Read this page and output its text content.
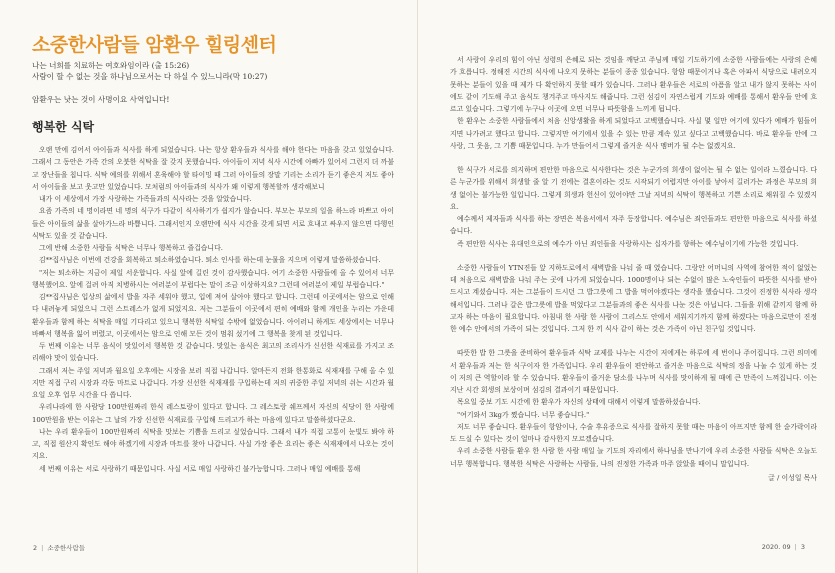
소중한사람들 암환우 힐링센터
나는 너희를 치료하는 여호와임이라 (출 15:26)
사람이 할 수 없는 것을 하나님으로서는 다 하실 수 있느니라(막 10:27)
암환우는 낫는 것이 사명이요 사역입니다!
행복한 식탁

오랜 만에 김어서 아이들과 식사를 하게 되었습니다. 나는 항상 환우들과 식사를 해야 한다는 마음을 갖고 있었습니다. 그래서 그 동안은 가족 간의 오붓한 식탁을 잘 갖지 못했습니다. 아이들이 저녁 식사 시간에 아빠가 있어서 그런지 더 까불고 장난들을 칩니다. 식탁 예의를 위해서 혼육해야 할 타이밍 때 그러 아이들의 장말 기리는 소리가 듣기 좋은지 저도 좋아서 아이들을 보고 웃고만 있었습니다. 모처럼의 아이들과의 식사가 왜 이렇게 행복할까 생각해보니

내가 이 세상에서 가장 사랑하는 가족들과의 식사라는 것을 알았습니다.

요즘 가족의 네 명이라면 네 명의 식구가 다같이 식사하기가 쉽지가 않습니다. 부모는 부모의 일을 하느라 바쁘고 아이들은 아이들의 삶을 살아가느라 바쁩니다. 그래서인지 오랜만에 식사 시간을 갖게 되면 서로 흐내고 싸우지 않으면 다행인 식탁도 있을 것 같습니다.

그에 반해 소중한 사람들 식탁은 너무나 행복하고 즐겁습니다.

김**집사님은 이번에 건강을 회복하고 퇴소하였습니다. 퇴소 인사를 하는데 눈물을 지으며 이렇게 말씀하셨습니다.

"저는 퇴소하는 지금이 제일 서운합니다. 사실 앞에 길린 것이 감사했습니다. 여기 소중한 사람들에 올 수 있어서 너무 행복했어요. 앞에 걸려 아직 치병하시는 여러분이 부럽다는 말이 조금 이상하지요? 그런데 여러분이 제일 부럽습니다."

김**집사님은 입상의 삶에서 밥을 자주 세워야 했고, 입에 져여 살아야 했다고 합니다. 그런데 이곳에서는 암으로 인해 다 내려놓게 되었으니 그런 스트레스가 없게 되었지요. 저는 그분들이 이곳에서 편히 예배와 함께 개인을 누리는 가운데 환우들과 함께 하는 식탁을 매일 기다리고 있으니 행복한 식탁일 수밖에 없었습니다. 아이러니 하게도 세상에서는 너무나 바빠서 행복을 잃어 버렸고, 이곳에서는 암으로 인해 모든 것이 멈춰 섰기에 그 행복을 찾게 된 것입니다.

두 번째 이유는 너무 음식이 맛있어서 행복한 것 같습니다. 맛있는 음식은 최고의 조리사가 신선한 식재료를 가지고 조리해야 맛이 있습니다.

그래서 저는 주일 저녁과 월요일 오후에는 시장을 보러 직접 나갑니다. 알마든지 전화 한통화로 식재재를 구해 올 수 있지만 직접 구리 시장과 각동 마트로 나갑니다. 가장 신선한 식재재를 구입하는데 저의 귀중한 주일 저녁의 쉬는 시간과 월요일 오후 업무 시간을 다 씁니다.

우리나라에 한 사람당 100만원짜리 한식 레스토랑이 있다고 합니다. 그 레스토랑 쉐프께서 자신의 식당이 한 사람에 100만원을 받는 이유는 그 날의 가장 신선한 식재료를 구입해 드리고가 하는 마음에 있다고 말씀하셨다군요.

나는 우리 환우들이 100만원짜리 식탁을 맛보는 기쁨을 드리고 싶었습니다. 그래서 내가 직접 고통이 눈빛도 봐야 하고, 직접 원산지 확인도 해야 하겠기에 시장과 마트를 찾아 나갑니다. 사실 가장 좋은 요리는 좋은 식재재에서 나오는 것이지요.

세 번째 이유는 서로 사랑하기 때문입니다. 사실 서로 매일 사랑하긴 불가능합니다. 그러나 매일 예배를 통해

2 | 소중한사람들

서 사랑이 우리의 힘이 아닌 성령의 은혜로 되는 것임을 깨닫고 주님께 매일 기도하기에 소중한 사람들에는 사랑의 은혜가 흐릅니다. 정해진 시간의 식사에 나오지 못하는 분들이 종종 있습니다. 항암 때문이거나 혹은 아파서 식당으로 내려오지 못하는 분들이 있을 때 제가 다 확인하지 못할 때가 있습니다. 그러나 환우들은 서로의 아픔을 알고 내가 않지 못하는 사이에도 같이 기도해 주고 음식도 챙겨주고 마사지도 해줍니다. 그런 섬김이 자연스럽게 기도와 예배를 통해서 환우들 안에 흐르고 있습니다. 그렇기에 누구나 이곳에 오면 너무나 따뜻함을 느끼게 됩니다.

한 환우는 소중한 사람들에서 처음 신앙생활을 하게 되었다고 고백했습니다. 사실 몇 일만 여기에 있다가 예배가 힘들어지면 나가려고 했다고 합니다. 그렇지만 여기에서 있을 수 있는 만큼 계속 있고 싶다고 고백했습니다. 바로 환우들 안에 그 사랑, 그 웃음, 그 기쁨 때문입니다. 누가 만들어서 그렇게 즐거운 식사 멤버가 될 수는 없겠지요.

한 식구가 서로를 의지하며 편안한 마음으로 식사한다는 것은 누군가의 희생이 없이는 될 수 없는 일이라 느꼈습니다. 다른 누군가를 위해서 희생할 줄 알 기 전에는 결혼이라는 것도 시작되기 어렵지만 아이를 낳아서 길러가는 과정은 부모의 희생 없이는 불가능한 일입니다. 그렇게 희생과 헌신이 있어야만 그날 저녁의 식탁이 행복하고 기쁜 소리로 채워질 수 있겠지요.

예수께서 제자들과 식사를 하는 장면은 복음서에서 자주 등장합니다. 예수님은 죄인들과도 편안한 마음으로 식사를 하셨습니다.

즉 편안한 식사는 유대인으로의 예수가 아닌 죄인들을 사랑하시는 십자가를 향하는 예수님이기에 가능한 것입니다.

소중한 사람들이 YTN진들 앞 지하도로에서 새벽밥을 나눠 줄 때 였습니다. 그랑안 어머니의 사역에 참여한 적이 없었는데 처음으로 새벽밥을 나눠 주는 곳에 나가게 되었습니다. 1000명이나 되는 수없이 많은 노숙인들이 따뜻한 식사를 받아 드시고 계셨습니다. 저는 그분들이 드시던 그 밥그릇에 그 밥을 먹어야겠다는 생각을 했습니다. 그것이 진정한 식사라 생각해서입니다. 그러나 갈은 밥그릇에 밥을 먹었다고 그분들과의 좋은 식사를 나눈 것은 아닙니다. 그들을 위해 같끼지 함께 하고자 하는 마음이 필요합니다. 아침내 한 사람 한 사람이 그리스도 안에서 세워지기까지 함께 하겠다는 마음으로만이 진정한 예수 안에서의 가족이 되는 것입니다. 그저 한 끼 식사 같이 하는 것은 가족이 아닌 친구일 것입니다.

따뜻한 밥 한 그릇을 준비하여 환우들과 식탁 교제를 나누는 시간이 저에게는 하루에 세 번이나 주어집니다. 그런 의미에서 환우들과 저는 한 식구이자 한 가족입니다. 우리 환우들이 편안하고 즐거운 마음으로 식탁의 정을 나눌 수 있게 하는 것이 저의 큰 역할이라 할 수 있습니다. 환우들이 즐거운 담소를 나누며 식사를 맛이하게 될 때에 큰 만족이 느껴집니다. 이는 지난 시간 회생의 보상이며 섬김의 결과이기 때문입니다.

목요일 중보 기도 시간에 한 환우가 자신의 상태에 대해서 이렇게 말씀하셨습니다.

"여기와서 3kg가 쪘습니다. 너무 좋습니다."

저도 너무 좋습니다. 환우들이 항암이나, 수술 후유증으로 식사를 잘하지 못할 때는 마음이 아프지만 함께 한 숟가락이라도 드실 수 있다는 것이 얼마나 감사한지 모르겠습니다.

우리 소중한 사람들 환우 한 사람 한 사람 매일 늘 기도의 자리에서 하나님을 만나기에 우리 소중한 사람들 식탁은 오늘도 너무 행복합니다. 행복한 식탁은 사랑하는 사람들, 나의 진정한 가족과 마주 앉았을 때이니 말입니다.

글 / 이성일 목사

2020. 09 | 3
